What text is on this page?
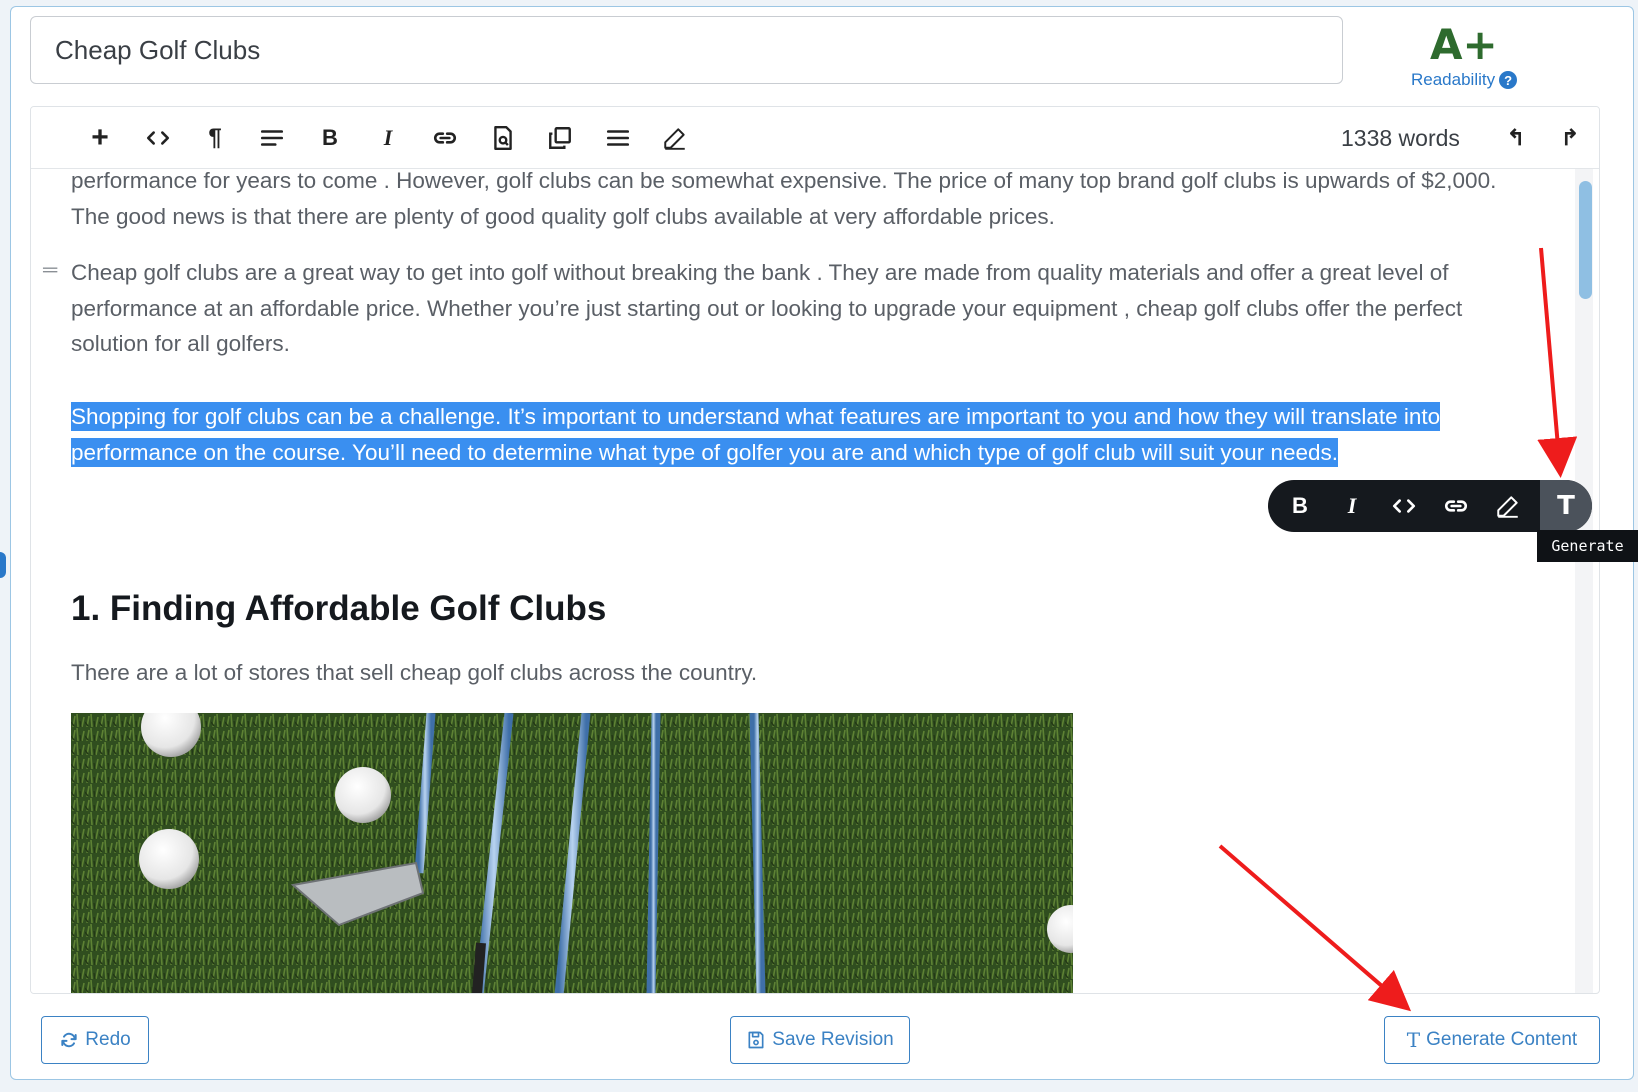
Cheap Golf Clubs	A+
Readability ?
+	¶	B I	1338 words ↰ ↱
performance for years to come . However, golf clubs can be somewhat expensive. The price of many top brand golf clubs is upwards of $2,000. The good news is that there are plenty of good quality golf clubs available at very affordable prices.
═ Cheap golf clubs are a great way to get into golf without breaking the bank . They are made from quality materials and offer a great level of performance at an affordable price. Whether you’re just starting out or looking to upgrade your equipment , cheap golf clubs offer the perfect solution for all golfers.
Shopping for golf clubs can be a challenge. It’s important to understand what features are important to you and how they will translate into performance on the course. You’ll need to determine what type of golfer you are and which type of golf club will suit your needs.
1. Finding Affordable Golf Clubs
There are a lot of stores that sell cheap golf clubs across the country.
B I	T
Generate
Redo	Save Revision	T Generate Content
